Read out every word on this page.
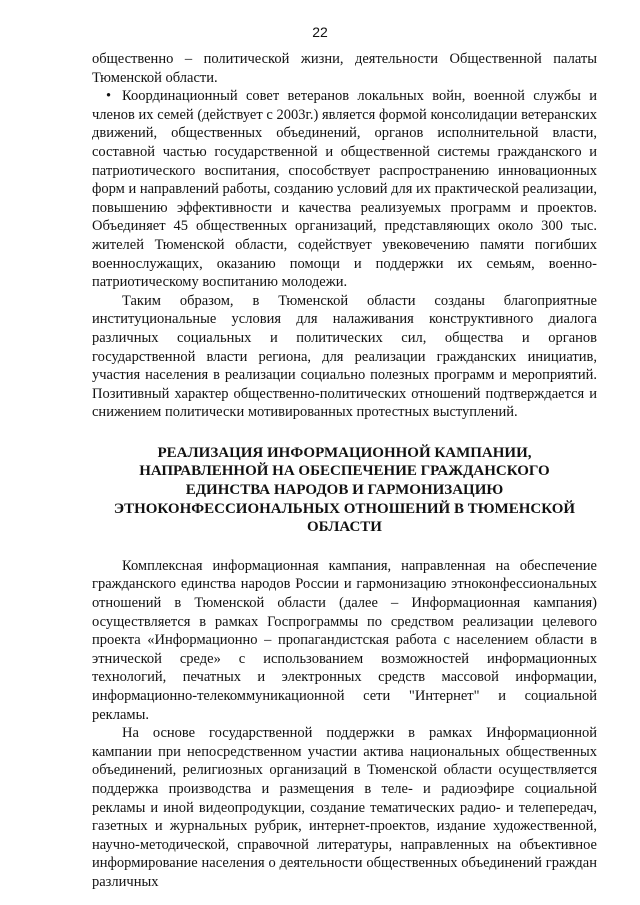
22

общественно – политической жизни, деятельности Общественной палаты Тюменской области.

• Координационный совет ветеранов локальных войн, военной службы и членов их семей (действует с 2003г.) является формой консолидации ветеранских движений, общественных объединений, органов исполнительной власти, составной частью государственной и общественной системы гражданского и патриотического воспитания, способствует распространению инновационных форм и направлений работы, созданию условий для их практической реализации, повышению эффективности и качества реализуемых программ и проектов. Объединяет 45 общественных организаций, представляющих около 300 тыс. жителей Тюменской области, содействует увековечению памяти погибших военнослужащих, оказанию помощи и поддержки их семьям, военно-патриотическому воспитанию молодежи.

Таким образом, в Тюменской области созданы благоприятные институциональные условия для налаживания конструктивного диалога различных социальных и политических сил, общества и органов государственной власти региона, для реализации гражданских инициатив, участия населения в реализации социально полезных программ и мероприятий. Позитивный характер общественно-политических отношений подтверждается и снижением политически мотивированных протестных выступлений.

РЕАЛИЗАЦИЯ ИНФОРМАЦИОННОЙ КАМПАНИИ, НАПРАВЛЕННОЙ НА ОБЕСПЕЧЕНИЕ ГРАЖДАНСКОГО ЕДИНСТВА НАРОДОВ И ГАРМОНИЗАЦИЮ ЭТНОКОНФЕССИОНАЛЬНЫХ ОТНОШЕНИЙ В ТЮМЕНСКОЙ ОБЛАСТИ

Комплексная информационная кампания, направленная на обеспечение гражданского единства народов России и гармонизацию этноконфессиональных отношений в Тюменской области (далее – Информационная кампания) осуществляется в рамках Госпрограммы по средством реализации целевого проекта «Информационно – пропагандистская работа с населением области в этнической среде» с использованием возможностей информационных технологий, печатных и электронных средств массовой информации, информационно-телекоммуникационной сети "Интернет" и социальной рекламы.

На основе государственной поддержки в рамках Информационной кампании при непосредственном участии актива национальных общественных объединений, религиозных организаций в Тюменской области осуществляется поддержка производства и размещения в теле- и радиоэфире социальной рекламы и иной видеопродукции, создание тематических радио- и телепередач, газетных и журнальных рубрик, интернет-проектов, издание художественной, научно-методической, справочной литературы, направленных на объективное информирование населения о деятельности общественных объединений граждан различных
